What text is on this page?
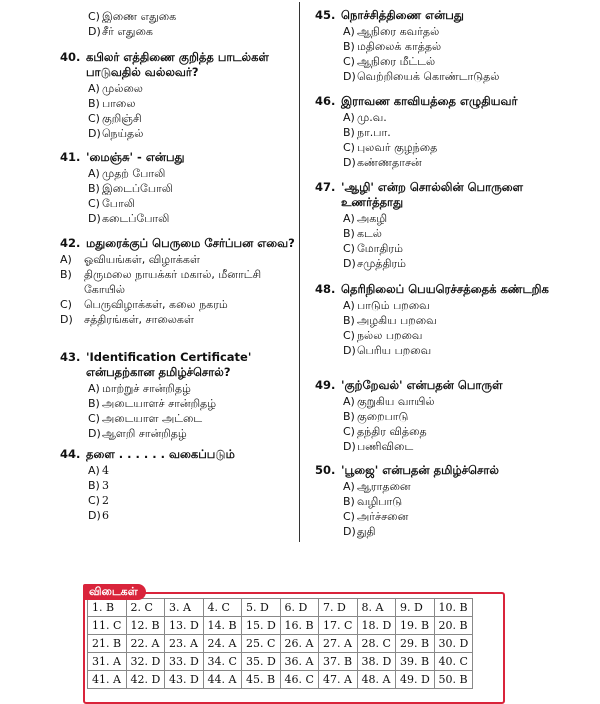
C) இணை எதுகை
D) சீர் எதுகை
40. கபிலர் எத்திணை குறித்த பாடல்கள் பாடுவதில் வல்லவர்?
A) முல்லை
B) பாலை
C) குறிஞ்சி
D) நெய்தல்
41. 'மைஞ்சு' - என்பது
A) முதற் போலி
B) இடைப்போலி
C) போலி
D) கடைப்போலி
42. மதுரைக்குப் பெருமை சேர்ப்பன எவை?
A)	ஓவியங்கள், விழாக்கள்
B)	திருமலை நாயக்கர் மகால், மீனாட்சி கோயில்
C)	பெருவிழாக்கள், கலை நகரம்
D)	சத்திரங்கள், சாலைகள்
43. 'Identification Certificate' என்பதற்கான தமிழ்ச்சொல்?
A) மாற்றுச் சான்றிதழ்
B) அடையாளச் சான்றிதழ்
C) அடையாள அட்டை
D) ஆளறி சான்றிதழ்
44. தளை . . . . . . வகைப்படும்
A) 4
B) 3
C) 2
D) 6
45. நொச்சித்திணை என்பது
A) ஆநிரை கவர்தல்
B) மதிலைக் காத்தல்
C) ஆநிரை மீட்டல்
D) வெற்றியைக் கொண்டாடுதல்
46. இராவண காவியத்தை எழுதியவர்
A) மு.வ.
B) நா.பா.
C) புலவர் குழந்தை
D) கண்ணதாசன்
47. 'ஆழி' என்ற சொல்லின் பொருளை உணர்த்தாது
A) அகழி
B) கடல்
C) மோதிரம்
D) சமுத்திரம்
48. தெரிநிலைப் பெயரெச்சத்தைக் கண்டறிக
A) பாடும் பறவை
B) அழகிய பறவை
C) நல்ல பறவை
D) பெரிய பறவை
49. 'குற்றேவல்' என்பதன் பொருள்
A) குறுகிய வாயில்
B) குறைபாடு
C) தந்திர வித்தை
D) பணிவிடை
50. 'பூஜை' என்பதன் தமிழ்ச்சொல்
A) ஆராதனை
B) வழிபாடு
C) அர்ச்சனை
D) துதி
விடைகள்
1. B	2. C	3. A	4. C	5. D	6. D	7. D	8. A	9. D	10. B
11. C	12. B	13. D	14. B	15. D	16. B	17. C	18. D	19. B	20. B
21. B	22. A	23. A	24. A	25. C	26. A	27. A	28. C	29. B	30. D
31. A	32. D	33. D	34. C	35. D	36. A	37. B	38. D	39. B	40. C
41. A	42. D	43. D	44. A	45. B	46. C	47. A	48. A	49. D	50. B
